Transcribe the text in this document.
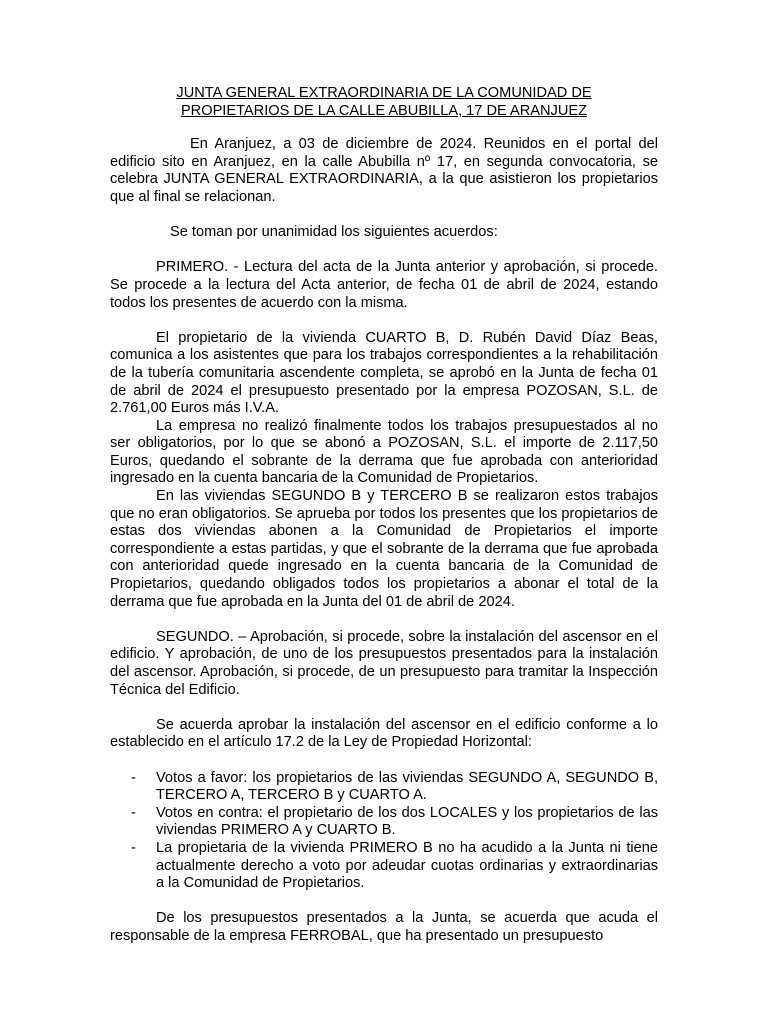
JUNTA GENERAL EXTRAORDINARIA DE LA COMUNIDAD DE

PROPIETARIOS DE LA CALLE ABUBILLA, 17 DE ARANJUEZ

En Aranjuez, a 03 de diciembre de 2024. Reunidos en el portal del edificio sito en Aranjuez, en la calle Abubilla nº 17, en segunda convocatoria, se celebra JUNTA GENERAL EXTRAORDINARIA, a la que asistieron los propietarios que al final se relacionan.

Se toman por unanimidad los siguientes acuerdos:

PRIMERO. - Lectura del acta de la Junta anterior y aprobación, si procede. Se procede a la lectura del Acta anterior, de fecha 01 de abril de 2024, estando todos los presentes de acuerdo con la misma.

El propietario de la vivienda CUARTO B, D. Rubén David Díaz Beas, comunica a los asistentes que para los trabajos correspondientes a la rehabilitación de la tubería comunitaria ascendente completa, se aprobó en la Junta de fecha 01 de abril de 2024 el presupuesto presentado por la empresa POZOSAN, S.L. de 2.761,00 Euros más I.V.A.

La empresa no realizó finalmente todos los trabajos presupuestados al no ser obligatorios, por lo que se abonó a POZOSAN, S.L. el importe de 2.117,50 Euros, quedando el sobrante de la derrama que fue aprobada con anterioridad ingresado en la cuenta bancaria de la Comunidad de Propietarios.

En las viviendas SEGUNDO B y TERCERO B se realizaron estos trabajos que no eran obligatorios. Se aprueba por todos los presentes que los propietarios de estas dos viviendas abonen a la Comunidad de Propietarios el importe correspondiente a estas partidas, y que el sobrante de la derrama que fue aprobada con anterioridad quede ingresado en la cuenta bancaria de la Comunidad de Propietarios, quedando obligados todos los propietarios a abonar el total de la derrama que fue aprobada en la Junta del 01 de abril de 2024.

SEGUNDO. – Aprobación, si procede, sobre la instalación del ascensor en el edificio. Y aprobación, de uno de los presupuestos presentados para la instalación del ascensor. Aprobación, si procede, de un presupuesto para tramitar la Inspección Técnica del Edificio.

Se acuerda aprobar la instalación del ascensor en el edificio conforme a lo establecido en el artículo 17.2 de la Ley de Propiedad Horizontal:

- Votos a favor: los propietarios de las viviendas SEGUNDO A, SEGUNDO B, TERCERO A, TERCERO B y CUARTO A.
- Votos en contra: el propietario de los dos LOCALES y los propietarios de las viviendas PRIMERO A y CUARTO B.
- La propietaria de la vivienda PRIMERO B no ha acudido a la Junta ni tiene actualmente derecho a voto por adeudar cuotas ordinarias y extraordinarias a la Comunidad de Propietarios.

De los presupuestos presentados a la Junta, se acuerda que acuda el responsable de la empresa FERROBAL, que ha presentado un presupuesto
